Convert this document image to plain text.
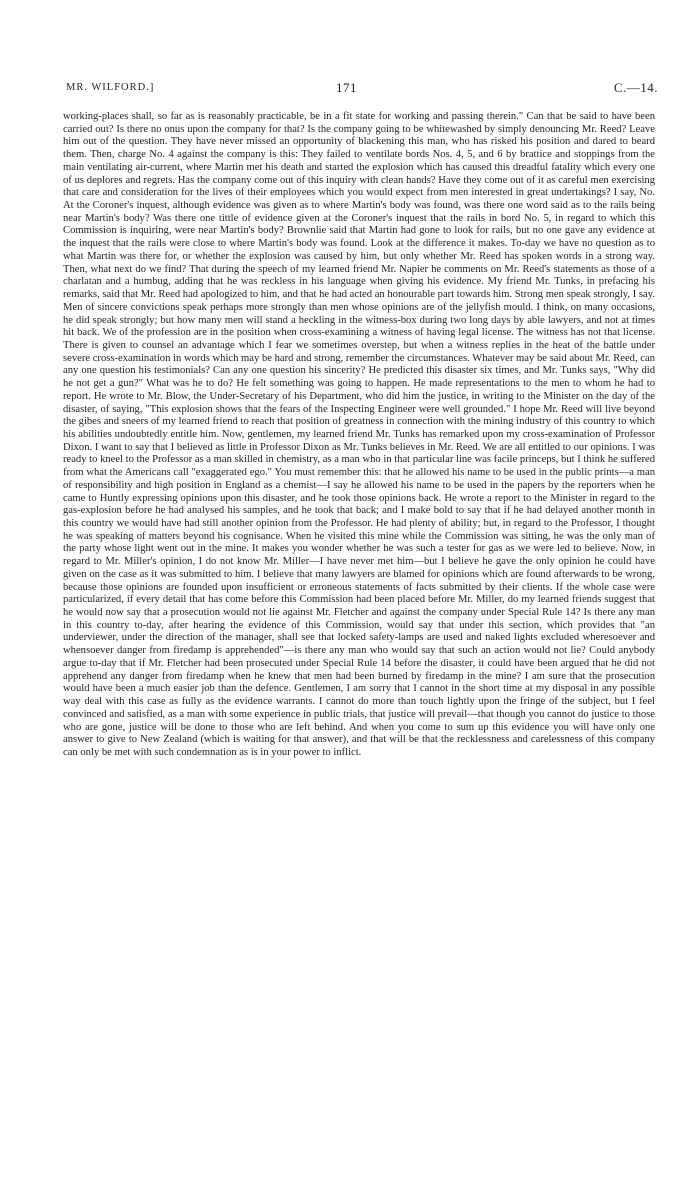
MR. WILFORD.]	171	C.—14.

working-places shall, so far as is reasonably practicable, be in a fit state for working and passing therein." Can that be said to have been carried out? Is there no onus upon the company for that? Is the company going to be whitewashed by simply denouncing Mr. Reed? Leave him out of the question. They have never missed an opportunity of blackening this man, who has risked his position and dared to beard them. Then, charge No. 4 against the company is this: They failed to ventilate bords Nos. 4, 5, and 6 by brattice and stoppings from the main ventilating air-current, where Martin met his death and started the explosion which has caused this dreadful fatality which every one of us deplores and regrets. Has the company come out of this inquiry with clean hands? Have they come out of it as careful men exercising that care and consideration for the lives of their employees which you would expect from men interested in great undertakings? I say, No. At the Coroner's inquest, although evidence was given as to where Martin's body was found, was there one word said as to the rails being near Martin's body? Was there one tittle of evidence given at the Coroner's inquest that the rails in bord No. 5, in regard to which this Commission is inquiring, were near Martin's body? Brownlie said that Martin had gone to look for rails, but no one gave any evidence at the inquest that the rails were close to where Martin's body was found. Look at the difference it makes. To-day we have no question as to what Martin was there for, or whether the explosion was caused by him, but only whether Mr. Reed has spoken words in a strong way. Then, what next do we find? That during the speech of my learned friend Mr. Napier he comments on Mr. Reed's statements as those of a charlatan and a humbug, adding that he was reckless in his language when giving his evidence. My friend Mr. Tunks, in prefacing his remarks, said that Mr. Reed had apologized to him, and that he had acted an honourable part towards him. Strong men speak strongly, I say. Men of sincere convictions speak perhaps more strongly than men whose opinions are of the jellyfish mould. I think, on many occasions, he did speak strongly; but how many men will stand a heckling in the witness-box during two long days by able lawyers, and not at times hit back. We of the profession are in the position when cross-examining a witness of having legal license. The witness has not that license. There is given to counsel an advantage which I fear we sometimes overstep, but when a witness replies in the heat of the battle under severe cross-examination in words which may be hard and strong, remember the circumstances. Whatever may be said about Mr. Reed, can any one question his testimonials? Can any one question his sincerity? He predicted this disaster six times, and Mr. Tunks says, "Why did he not get a gun?" What was he to do? He felt something was going to happen. He made representations to the men to whom he had to report. He wrote to Mr. Blow, the Under-Secretary of his Department, who did him the justice, in writing to the Minister on the day of the disaster, of saying, "This explosion shows that the fears of the Inspecting Engineer were well grounded." I hope Mr. Reed will live beyond the gibes and sneers of my learned friend to reach that position of greatness in connection with the mining industry of this country to which his abilities undoubtedly entitle him. Now, gentlemen, my learned friend Mr. Tunks has remarked upon my cross-examination of Professor Dixon. I want to say that I believed as little in Professor Dixon as Mr. Tunks believes in Mr. Reed. We are all entitled to our opinions. I was ready to kneel to the Professor as a man skilled in chemistry, as a man who in that particular line was facile princeps, but I think he suffered from what the Americans call "exaggerated ego." You must remember this: that he allowed his name to be used in the public prints—a man of responsibility and high position in England as a chemist—I say he allowed his name to be used in the papers by the reporters when he came to Huntly expressing opinions upon this disaster, and he took those opinions back. He wrote a report to the Minister in regard to the gas-explosion before he had analysed his samples, and he took that back; and I make bold to say that if he had delayed another month in this country we would have had still another opinion from the Professor. He had plenty of ability; but, in regard to the Professor, I thought he was speaking of matters beyond his cognisance. When he visited this mine while the Commission was sitting, he was the only man of the party whose light went out in the mine. It makes you wonder whether he was such a tester for gas as we were led to believe. Now, in regard to Mr. Miller's opinion, I do not know Mr. Miller—I have never met him—but I believe he gave the only opinion he could have given on the case as it was submitted to him. I believe that many lawyers are blamed for opinions which are found afterwards to be wrong, because those opinions are founded upon insufficient or erroneous statements of facts submitted by their clients. If the whole case were particularized, if every detail that has come before this Commission had been placed before Mr. Miller, do my learned friends suggest that he would now say that a prosecution would not lie against Mr. Fletcher and against the company under Special Rule 14? Is there any man in this country to-day, after hearing the evidence of this Commission, would say that under this section, which provides that "an underviewer, under the direction of the manager, shall see that locked safety-lamps are used and naked lights excluded wheresoever and whensoever danger from firedamp is apprehended"—is there any man who would say that such an action would not lie? Could anybody argue to-day that if Mr. Fletcher had been prosecuted under Special Rule 14 before the disaster, it could have been argued that he did not apprehend any danger from firedamp when he knew that men had been burned by firedamp in the mine? I am sure that the prosecution would have been a much easier job than the defence. Gentlemen, I am sorry that I cannot in the short time at my disposal in any possible way deal with this case as fully as the evidence warrants. I cannot do more than touch lightly upon the fringe of the subject, but I feel convinced and satisfied, as a man with some experience in public trials, that justice will prevail—that though you cannot do justice to those who are gone, justice will be done to those who are left behind. And when you come to sum up this evidence you will have only one answer to give to New Zealand (which is waiting for that answer), and that will be that the recklessness and carelessness of this company can only be met with such condemnation as is in your power to inflict.
